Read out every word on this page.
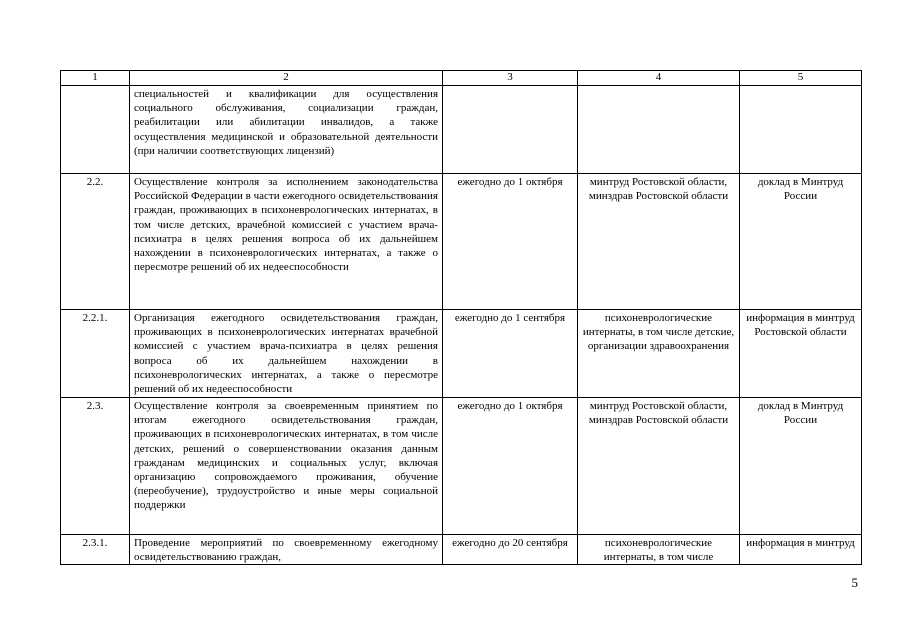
1	2	3	4	5
	специальностей и квалификации для осуществления социального обслуживания, социализации граждан, реабилитации или абилитации инвалидов, а также осуществления медицинской и образовательной деятельности (при наличии соответствующих лицензий)			
2.2.	Осуществление контроля за исполнением законодательства Российской Федерации в части ежегодного освидетельствования граждан, проживающих в психоневрологических интернатах, в том числе детских, врачебной комиссией с участием врача-психиатра в целях решения вопроса об их дальнейшем нахождении в психоневрологических интернатах, а также о пересмотре решений об их недееспособности	ежегодно до 1 октября	минтруд Ростовской области, минздрав Ростовской области	доклад в Минтруд России
2.2.1.	Организация ежегодного освидетельствования граждан, проживающих в психоневрологических интернатах врачебной комиссией с участием врача-психиатра в целях решения вопроса об их дальнейшем нахождении в психоневрологических интернатах, а также о пересмотре решений об их недееспособности	ежегодно до 1 сентября	психоневрологические интернаты, в том числе детские, организации здравоохранения	информация в минтруд Ростовской области
2.3.	Осуществление контроля за своевременным принятием по итогам ежегодного освидетельствования граждан, проживающих в психоневрологических интернатах, в том числе детских, решений о совершенствовании оказания данным гражданам медицинских и социальных услуг, включая организацию сопровождаемого проживания, обучение (переобучение), трудоустройство и иные меры социальной поддержки	ежегодно до 1 октября	минтруд Ростовской области, минздрав Ростовской области	доклад в Минтруд России
2.3.1.	Проведение мероприятий по своевременному ежегодному освидетельствованию граждан,	ежегодно до 20 сентября	психоневрологические интернаты, в том числе	информация в минтруд
5
